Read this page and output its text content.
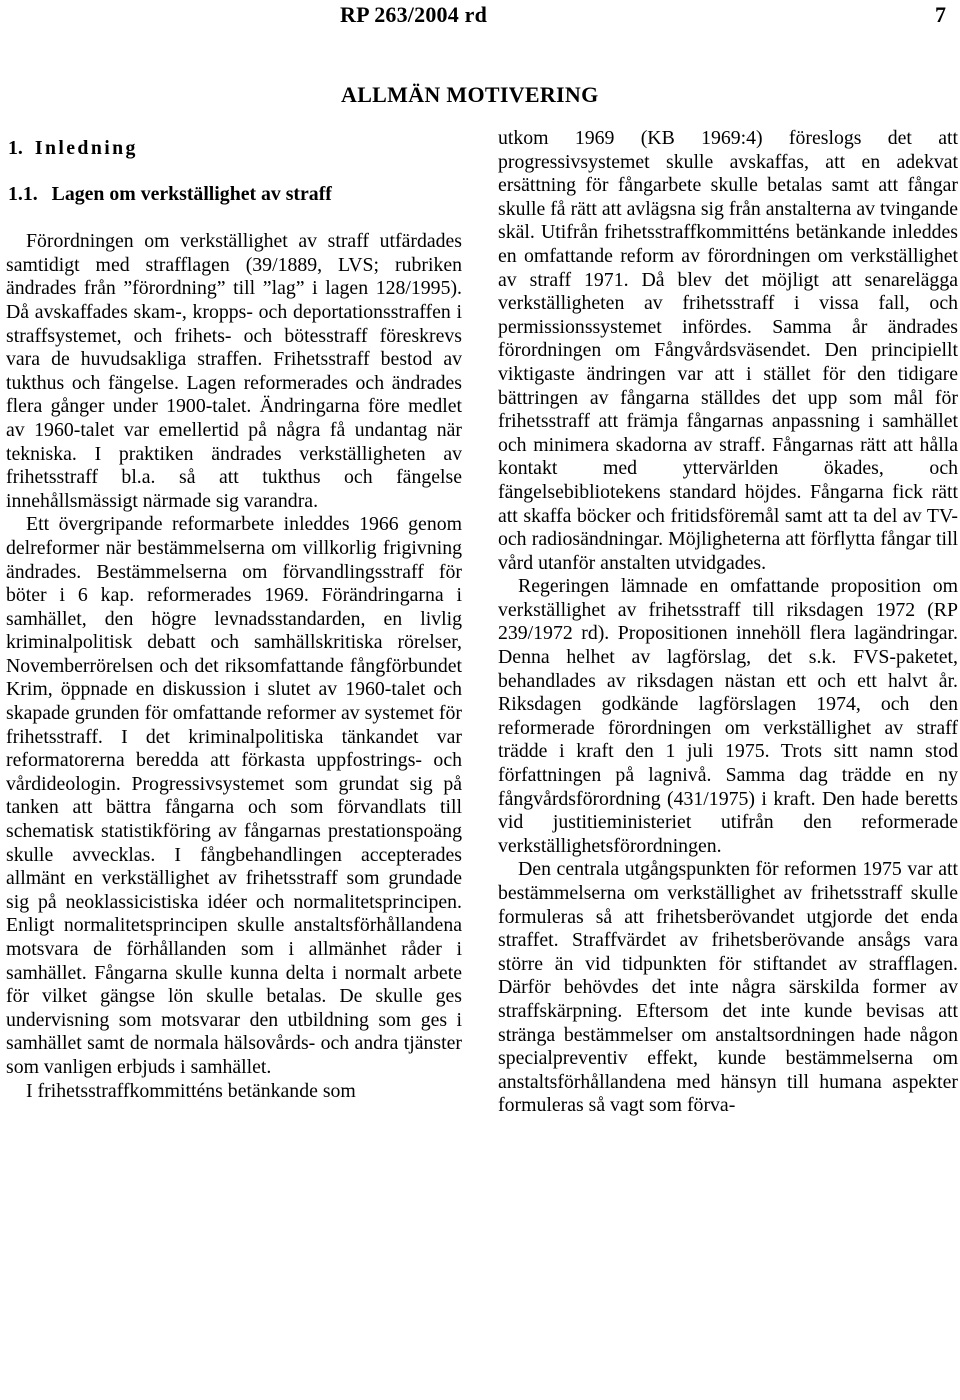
RP 263/2004 rd	7
ALLMÄN MOTIVERING
1. Inledning
1.1. Lagen om verkställighet av straff

Förordningen om verkställighet av straff utfärdades samtidigt med strafflagen (39/1889, LVS; rubriken ändrades från ”förordning” till ”lag” i lagen 128/1995). Då avskaffades skam-, kropps- och deportationsstraffen i straffsystemet, och frihets- och bötesstraff föreskrevs vara de huvudsakliga straffen. Frihetsstraff bestod av tukthus och fängelse. Lagen reformerades och ändrades flera gånger under 1900-talet. Ändringarna före medlet av 1960-talet var emellertid på några få undantag när tekniska. I praktiken ändrades verkställigheten av frihetsstraff bl.a. så att tukthus och fängelse innehållsmässigt närmade sig varandra.

Ett övergripande reformarbete inleddes 1966 genom delreformer när bestämmelserna om villkorlig frigivning ändrades. Bestämmelserna om förvandlingsstraff för böter i 6 kap. reformerades 1969. Förändringarna i samhället, den högre levnadsstandarden, en livlig kriminalpolitisk debatt och samhällskritiska rörelser, Novemberrörelsen och det riksomfattande fångförbundet Krim, öppnade en diskussion i slutet av 1960-talet och skapade grunden för omfattande reformer av systemet för frihetsstraff. I det kriminalpolitiska tänkandet var reformatorerna beredda att förkasta uppfostrings- och vårdideologin. Progressivsystemet som grundat sig på tanken att bättra fångarna och som förvandlats till schematisk statistikföring av fångarnas prestationspoäng skulle avvecklas. I fångbehandlingen accepterades allmänt en verkställighet av frihetsstraff som grundade sig på neoklassicistiska idéer och normalitetsprincipen. Enligt normalitetsprincipen skulle anstaltsförhållandena motsvara de förhållanden som i allmänhet råder i samhället. Fångarna skulle kunna delta i normalt arbete för vilket gängse lön skulle betalas. De skulle ges undervisning som motsvarar den utbildning som ges i samhället samt de normala hälsovårds- och andra tjänster som vanligen erbjuds i samhället.

I frihetsstraffkommitténs betänkande som

utkom 1969 (KB 1969:4) föreslogs det att progressivsystemet skulle avskaffas, att en adekvat ersättning för fångarbete skulle betalas samt att fångar skulle få rätt att avlägsna sig från anstalterna av tvingande skäl. Utifrån frihetsstraffkommitténs betänkande inleddes en omfattande reform av förordningen om verkställighet av straff 1971. Då blev det möjligt att senarelägga verkställigheten av frihetsstraff i vissa fall, och permissionssystemet infördes. Samma år ändrades förordningen om Fångvårdsväsendet. Den principiellt viktigaste ändringen var att i stället för den tidigare bättringen av fångarna ställdes det upp som mål för frihetsstraff att främja fångarnas anpassning i samhället och minimera skadorna av straff. Fångarnas rätt att hålla kontakt med yttervärlden ökades, och fängelsebibliotekens standard höjdes. Fångarna fick rätt att skaffa böcker och fritidsföremål samt att ta del av TV- och radiosändningar. Möjligheterna att förflytta fångar till vård utanför anstalten utvidgades.

Regeringen lämnade en omfattande proposition om verkställighet av frihetsstraff till riksdagen 1972 (RP 239/1972 rd). Propositionen innehöll flera lagändringar. Denna helhet av lagförslag, det s.k. FVS-paketet, behandlades av riksdagen nästan ett och ett halvt år. Riksdagen godkände lagförslagen 1974, och den reformerade förordningen om verkställighet av straff trädde i kraft den 1 juli 1975. Trots sitt namn stod författningen på lagnivå. Samma dag trädde en ny fångvårdsförordning (431/1975) i kraft. Den hade beretts vid justitieministeriet utifrån den reformerade verkställighetsförordningen.

Den centrala utgångspunkten för reformen 1975 var att bestämmelserna om verkställighet av frihetsstraff skulle formuleras så att frihetsberövandet utgjorde det enda straffet. Straffvärdet av frihetsberövande ansågs vara större än vid tidpunkten för stiftandet av strafflagen. Därför behövdes det inte några särskilda former av straffskärpning. Eftersom det inte kunde bevisas att stränga bestämmelser om anstaltsordningen hade någon specialpreventiv effekt, kunde bestämmelserna om anstaltsförhållandena med hänsyn till humana aspekter formuleras så vagt som förva-
